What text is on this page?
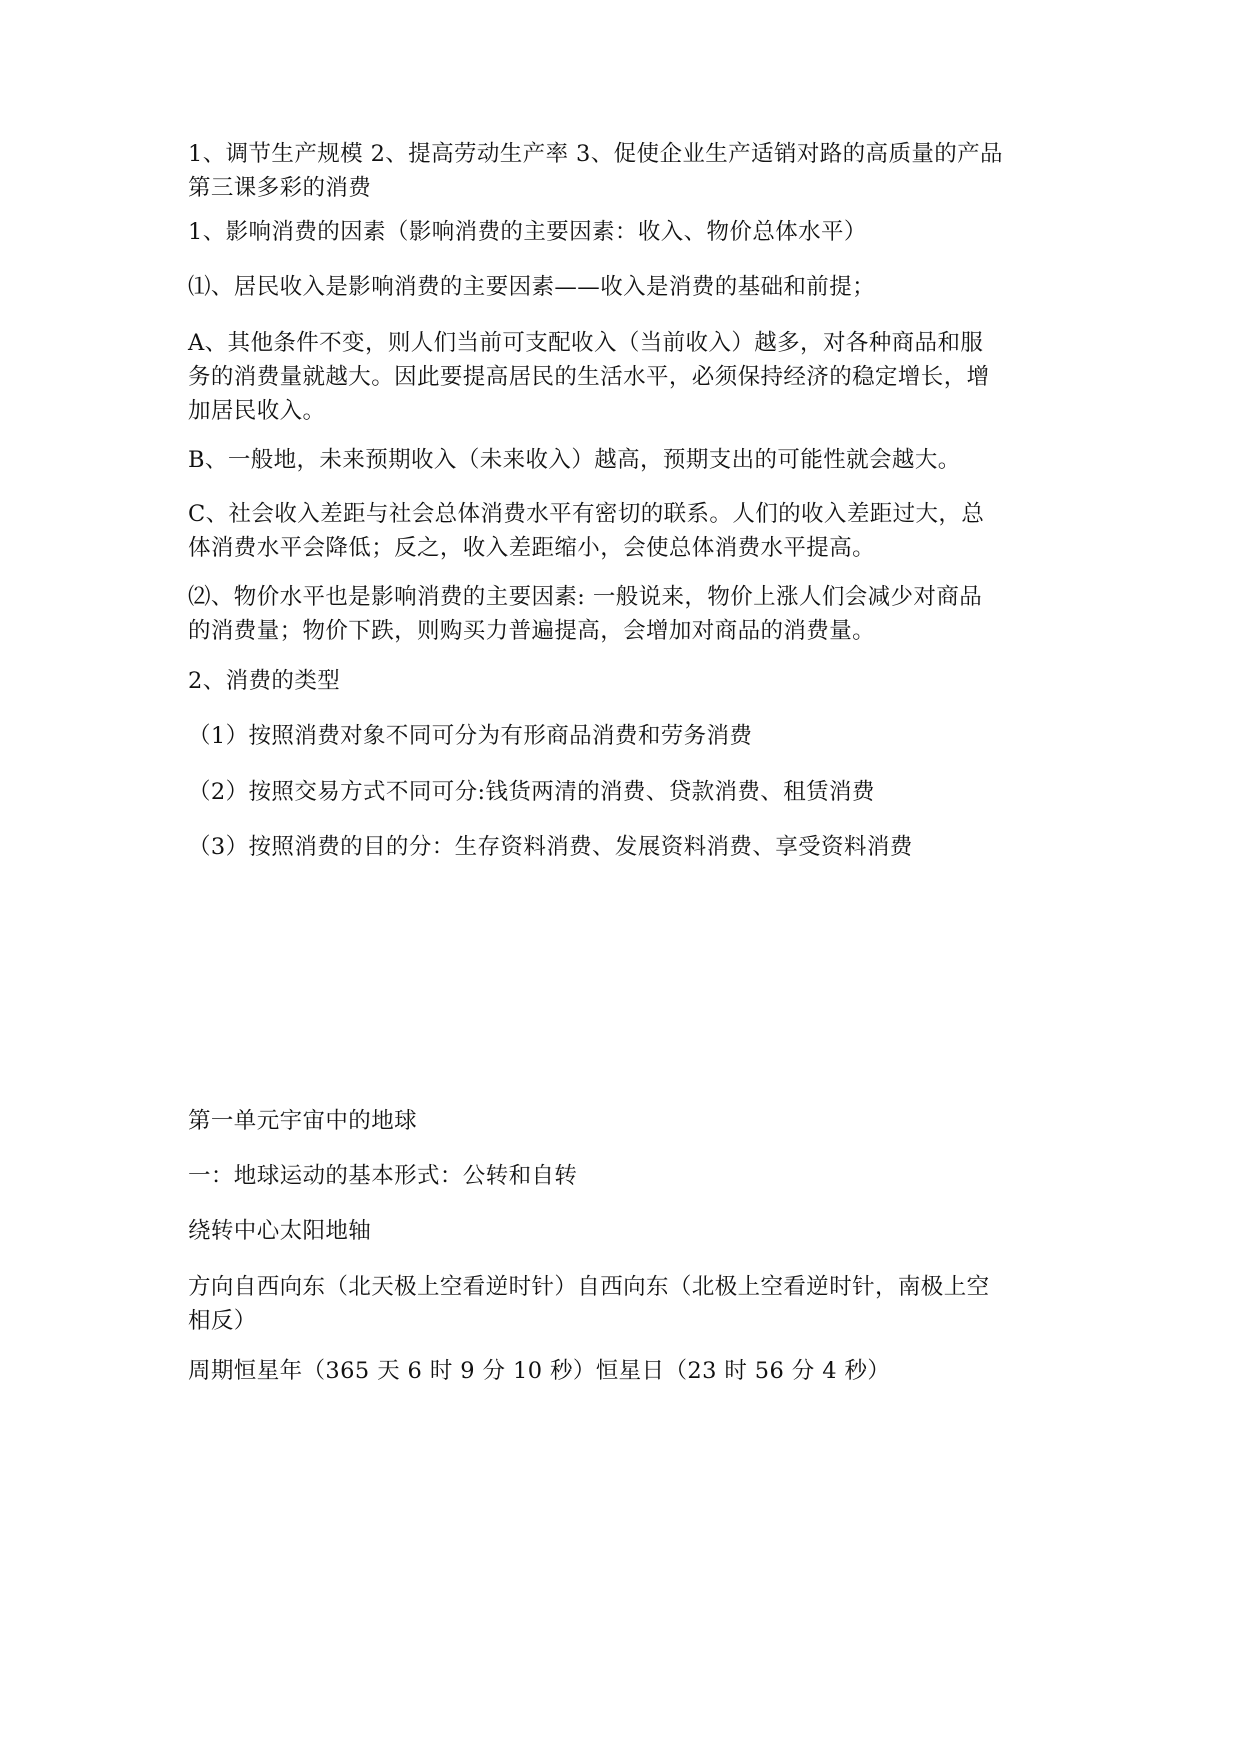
1、调节生产规模 2、提高劳动生产率 3、促使企业生产适销对路的高质量的产品
第三课多彩的消费
1、影响消费的因素（影响消费的主要因素：收入、物价总体水平）
⑴、居民收入是影响消费的主要因素——收入是消费的基础和前提；
A、其他条件不变，则人们当前可支配收入（当前收入）越多，对各种商品和服
务的消费量就越大。因此要提高居民的生活水平，必须保持经济的稳定增长，增
加居民收入。
B、一般地，未来预期收入（未来收入）越高，预期支出的可能性就会越大。
C、社会收入差距与社会总体消费水平有密切的联系。人们的收入差距过大，总
体消费水平会降低；反之，收入差距缩小，会使总体消费水平提高。
⑵、物价水平也是影响消费的主要因素: 一般说来，物价上涨人们会减少对商品
的消费量；物价下跌，则购买力普遍提高，会增加对商品的消费量。
2、消费的类型
（1）按照消费对象不同可分为有形商品消费和劳务消费
（2）按照交易方式不同可分:钱货两清的消费、贷款消费、租赁消费
（3）按照消费的目的分：生存资料消费、发展资料消费、享受资料消费
第一单元宇宙中的地球
一：地球运动的基本形式：公转和自转
绕转中心太阳地轴
方向自西向东（北天极上空看逆时针）自西向东（北极上空看逆时针，南极上空
相反）
周期恒星年（365 天 6 时 9 分 10 秒）恒星日（23 时 56 分 4 秒）
